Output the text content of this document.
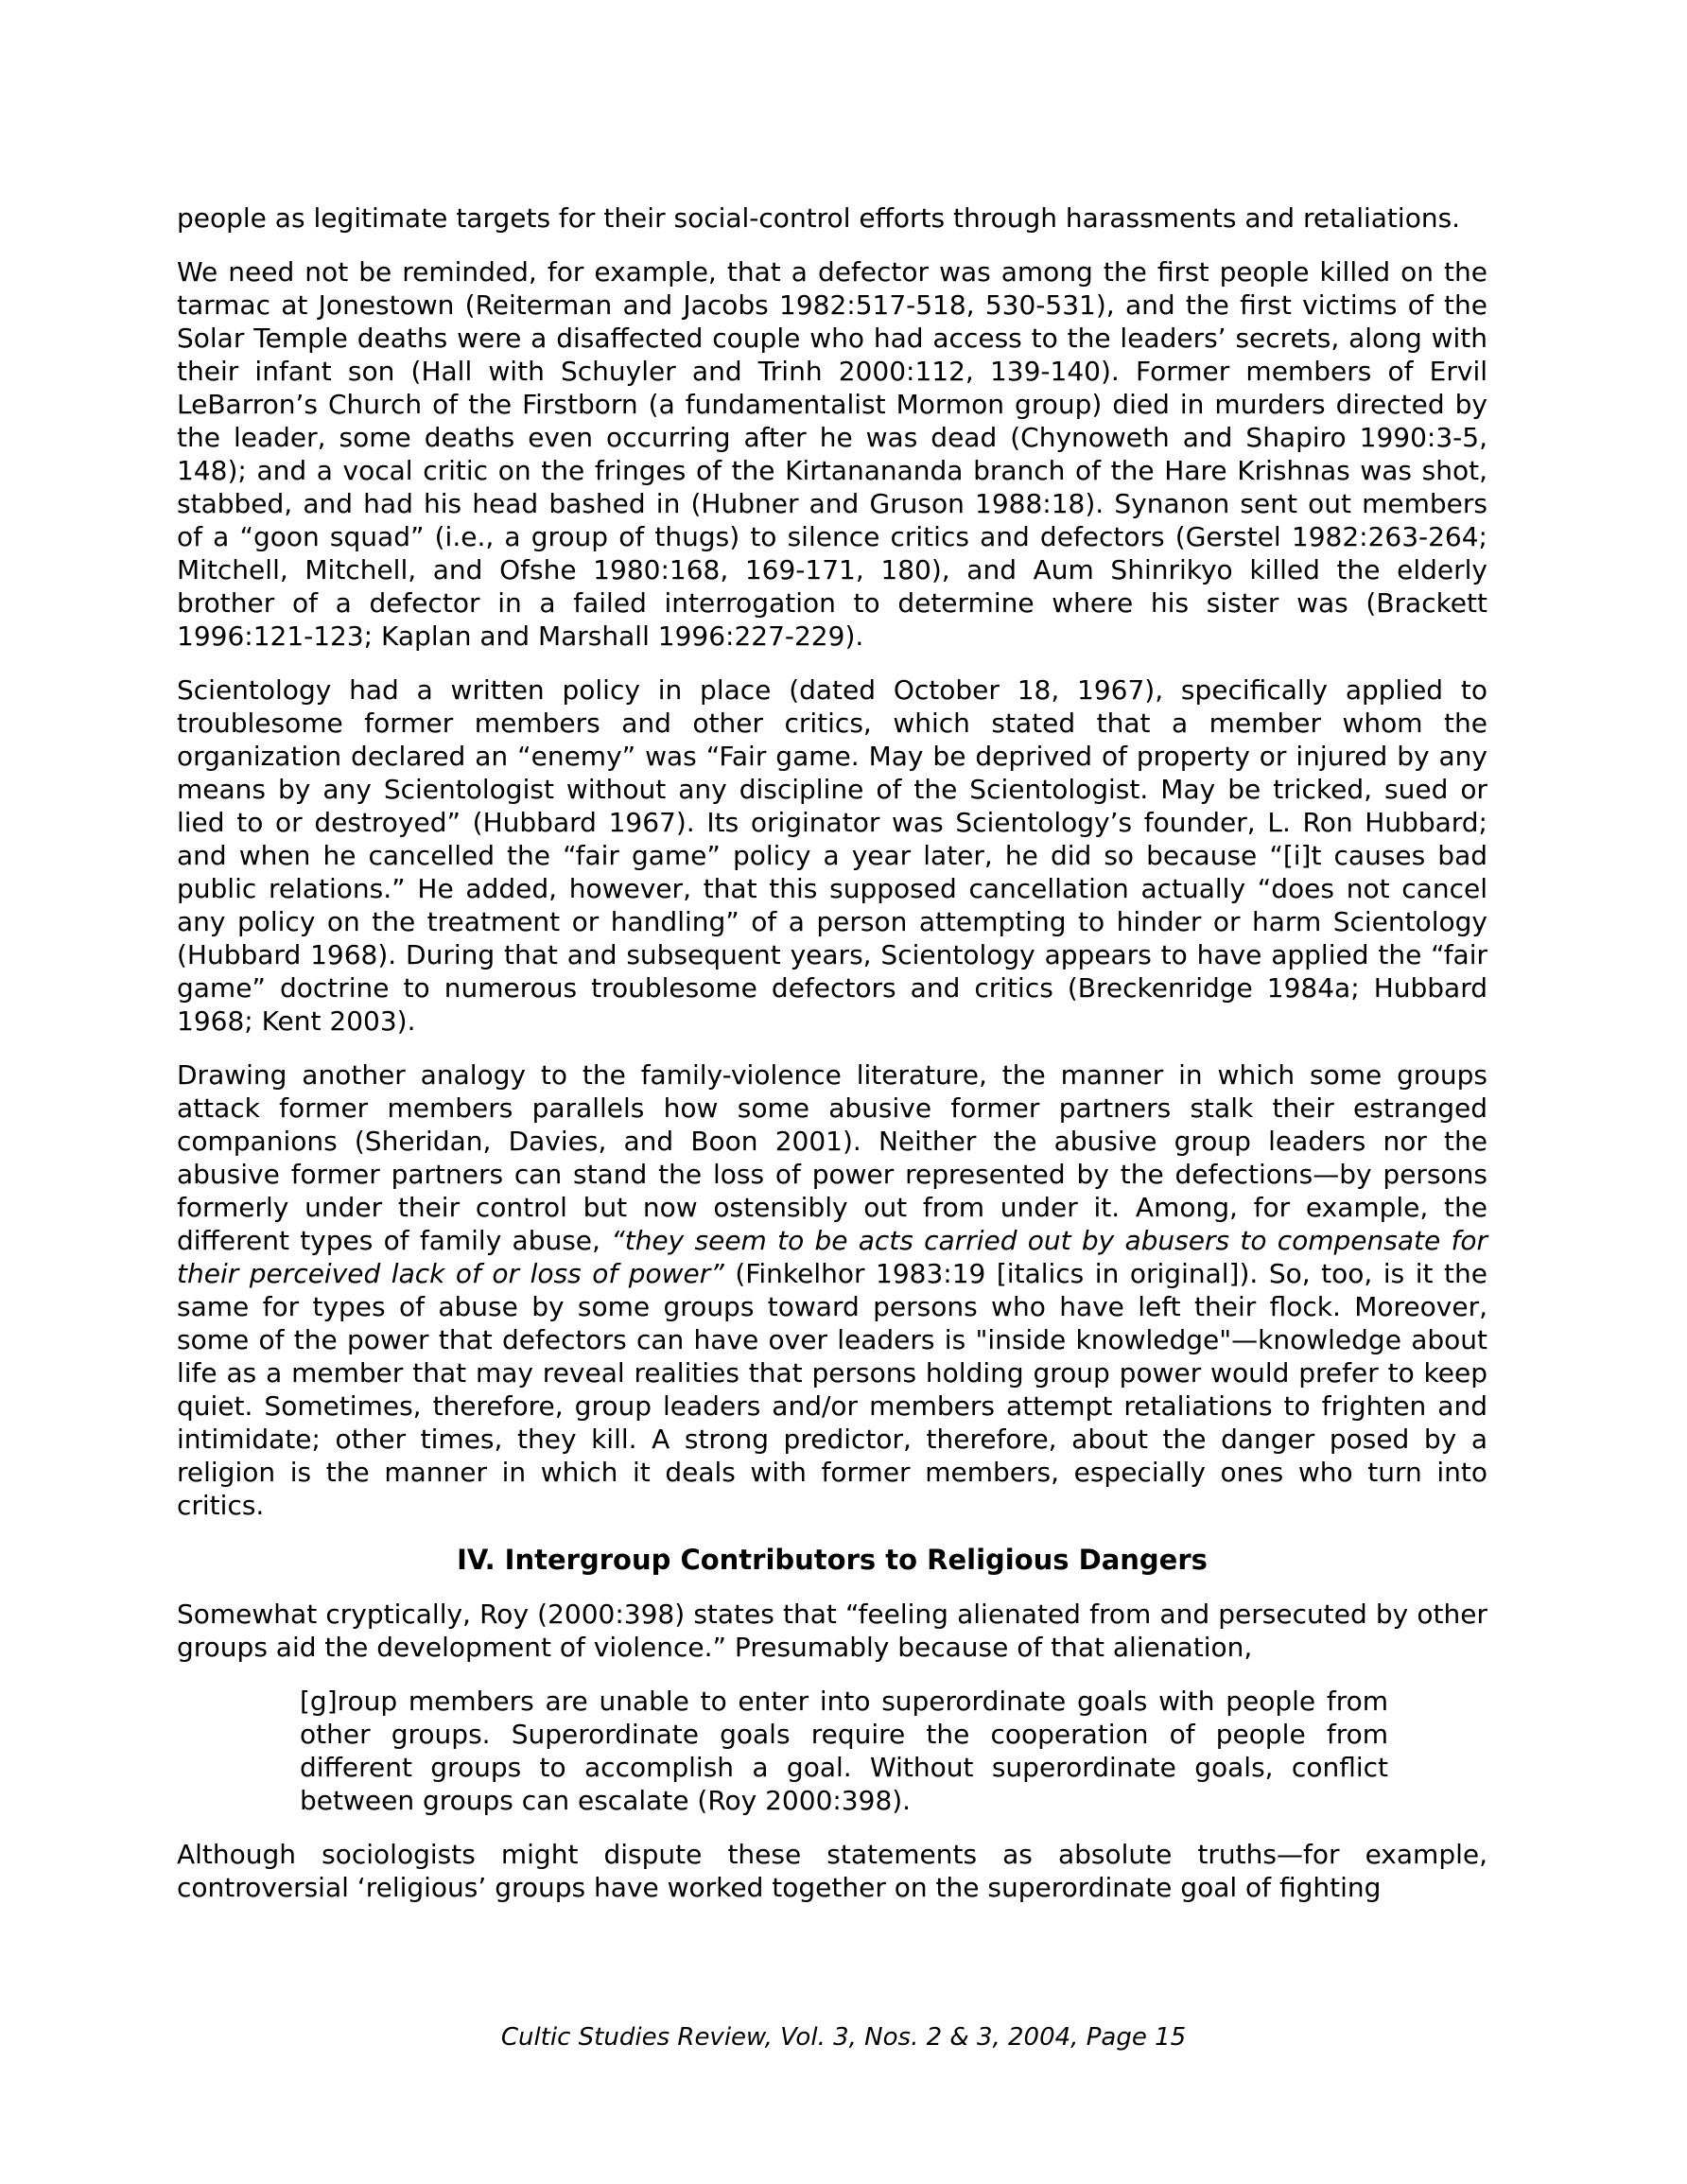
people as legitimate targets for their social-control efforts through harassments and retaliations.

We need not be reminded, for example, that a defector was among the first people killed on the tarmac at Jonestown (Reiterman and Jacobs 1982:517-518, 530-531), and the first victims of the Solar Temple deaths were a disaffected couple who had access to the leaders’ secrets, along with their infant son (Hall with Schuyler and Trinh 2000:112, 139-140). Former members of Ervil LeBarron’s Church of the Firstborn (a fundamentalist Mormon group) died in murders directed by the leader, some deaths even occurring after he was dead (Chynoweth and Shapiro 1990:3-5, 148); and a vocal critic on the fringes of the Kirtanananda branch of the Hare Krishnas was shot, stabbed, and had his head bashed in (Hubner and Gruson 1988:18). Synanon sent out members of a “goon squad” (i.e., a group of thugs) to silence critics and defectors (Gerstel 1982:263-264; Mitchell, Mitchell, and Ofshe 1980:168, 169-171, 180), and Aum Shinrikyo killed the elderly brother of a defector in a failed interrogation to determine where his sister was (Brackett 1996:121-123; Kaplan and Marshall 1996:227-229).

Scientology had a written policy in place (dated October 18, 1967), specifically applied to troublesome former members and other critics, which stated that a member whom the organization declared an “enemy” was “Fair game. May be deprived of property or injured by any means by any Scientologist without any discipline of the Scientologist. May be tricked, sued or lied to or destroyed” (Hubbard 1967). Its originator was Scientology’s founder, L. Ron Hubbard; and when he cancelled the “fair game” policy a year later, he did so because “[i]t causes bad public relations.” He added, however, that this supposed cancellation actually “does not cancel any policy on the treatment or handling” of a person attempting to hinder or harm Scientology (Hubbard 1968). During that and subsequent years, Scientology appears to have applied the “fair game” doctrine to numerous troublesome defectors and critics (Breckenridge 1984a; Hubbard 1968; Kent 2003).

Drawing another analogy to the family-violence literature, the manner in which some groups attack former members parallels how some abusive former partners stalk their estranged companions (Sheridan, Davies, and Boon 2001). Neither the abusive group leaders nor the abusive former partners can stand the loss of power represented by the defections—by persons formerly under their control but now ostensibly out from under it. Among, for example, the different types of family abuse, “they seem to be acts carried out by abusers to compensate for their perceived lack of or loss of power” (Finkelhor 1983:19 [italics in original]). So, too, is it the same for types of abuse by some groups toward persons who have left their flock. Moreover, some of the power that defectors can have over leaders is "inside knowledge"—knowledge about life as a member that may reveal realities that persons holding group power would prefer to keep quiet. Sometimes, therefore, group leaders and/or members attempt retaliations to frighten and intimidate; other times, they kill. A strong predictor, therefore, about the danger posed by a religion is the manner in which it deals with former members, especially ones who turn into critics.

IV. Intergroup Contributors to Religious Dangers

Somewhat cryptically, Roy (2000:398) states that “feeling alienated from and persecuted by other groups aid the development of violence.” Presumably because of that alienation,

[g]roup members are unable to enter into superordinate goals with people from other groups. Superordinate goals require the cooperation of people from different groups to accomplish a goal. Without superordinate goals, conflict between groups can escalate (Roy 2000:398).

Although sociologists might dispute these statements as absolute truths—for example, controversial ‘religious’ groups have worked together on the superordinate goal of fighting

Cultic Studies Review, Vol. 3, Nos. 2 & 3, 2004, Page 15
